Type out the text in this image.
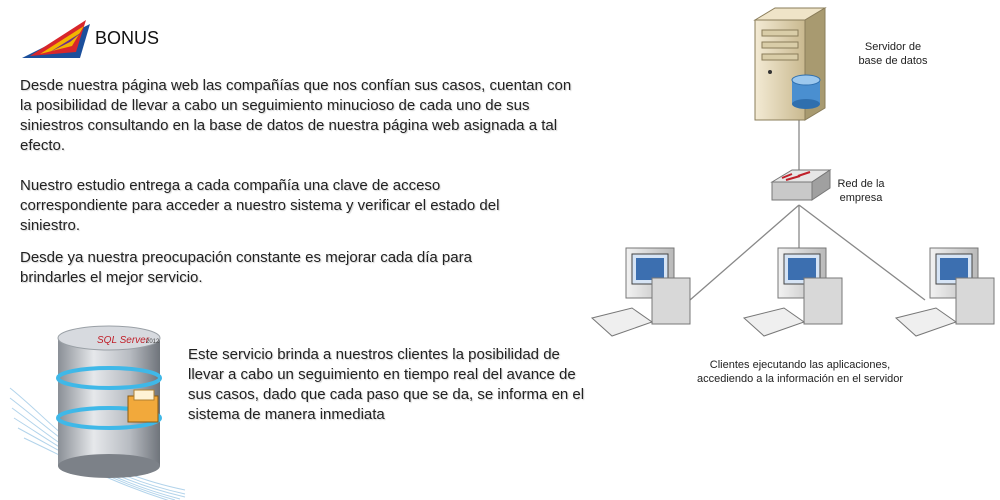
BONUS

Desde nuestra página web las compañías que nos confían sus casos, cuentan con la posibilidad de llevar a cabo un seguimiento minucioso de cada uno de sus siniestros consultando en la base de datos de nuestra página web asignada a tal efecto.

Nuestro estudio entrega a cada compañía una clave de acceso correspondiente para acceder a nuestro sistema y verificar el estado del siniestro.

Desde ya nuestra preocupación constante es mejorar cada día para brindarles el mejor servicio.

Este servicio brinda a nuestros clientes la posibilidad de llevar a cabo un seguimiento en tiempo real del avance de sus casos, dado que cada paso que se da, se informa en el sistema de manera inmediata

SQL Server
2012
Servidor de
base de datos
Red de la
empresa
Clientes ejecutando las aplicaciones,
accediendo a la información en el servidor
